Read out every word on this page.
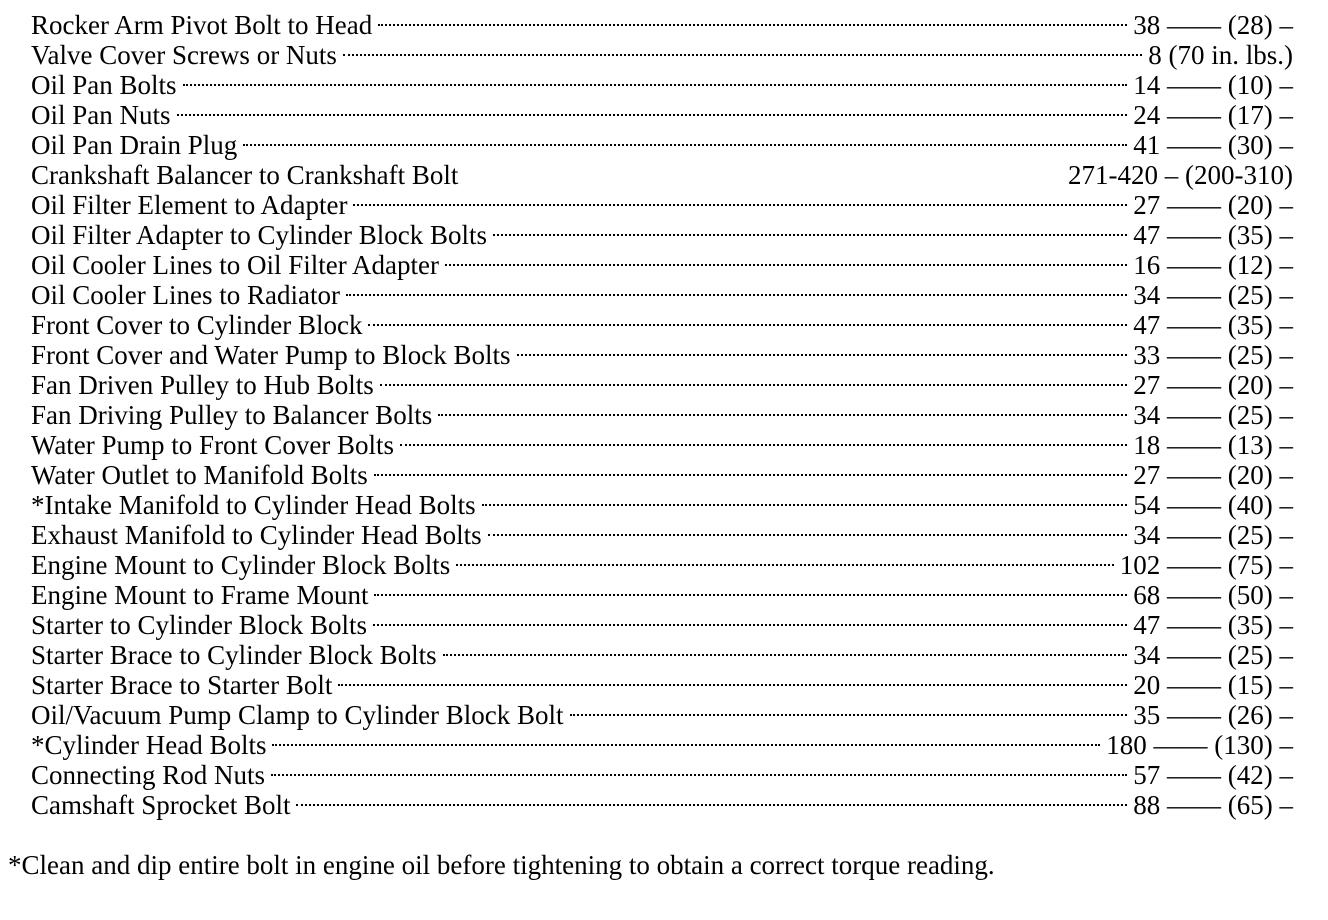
Rocker Arm Pivot Bolt to Head	38 —— (28) –
Valve Cover Screws or Nuts	8 (70 in. lbs.)
Oil Pan Bolts	14 —— (10) –
Oil Pan Nuts	24 —— (17) –
Oil Pan Drain Plug	41 —— (30) –
Crankshaft Balancer to Crankshaft Bolt	271-420 – (200-310)
Oil Filter Element to Adapter	27 —— (20) –
Oil Filter Adapter to Cylinder Block Bolts	47 —— (35) –
Oil Cooler Lines to Oil Filter Adapter	16 —— (12) –
Oil Cooler Lines to Radiator	34 —— (25) –
Front Cover to Cylinder Block	47 —— (35) –
Front Cover and Water Pump to Block Bolts	33 —— (25) –
Fan Driven Pulley to Hub Bolts	27 —— (20) –
Fan Driving Pulley to Balancer Bolts	34 —— (25) –
Water Pump to Front Cover Bolts	18 —— (13) –
Water Outlet to Manifold Bolts	27 —— (20) –
*Intake Manifold to Cylinder Head Bolts	54 —— (40) –
Exhaust Manifold to Cylinder Head Bolts	34 —— (25) –
Engine Mount to Cylinder Block Bolts	102 —— (75) –
Engine Mount to Frame Mount	68 —— (50) –
Starter to Cylinder Block Bolts	47 —— (35) –
Starter Brace to Cylinder Block Bolts	34 —— (25) –
Starter Brace to Starter Bolt	20 —— (15) –
Oil/Vacuum Pump Clamp to Cylinder Block Bolt	35 —— (26) –
*Cylinder Head Bolts	180 —— (130) –
Connecting Rod Nuts	57 —— (42) –
Camshaft Sprocket Bolt	88 —— (65) –
*Clean and dip entire bolt in engine oil before tightening to obtain a correct torque reading.
